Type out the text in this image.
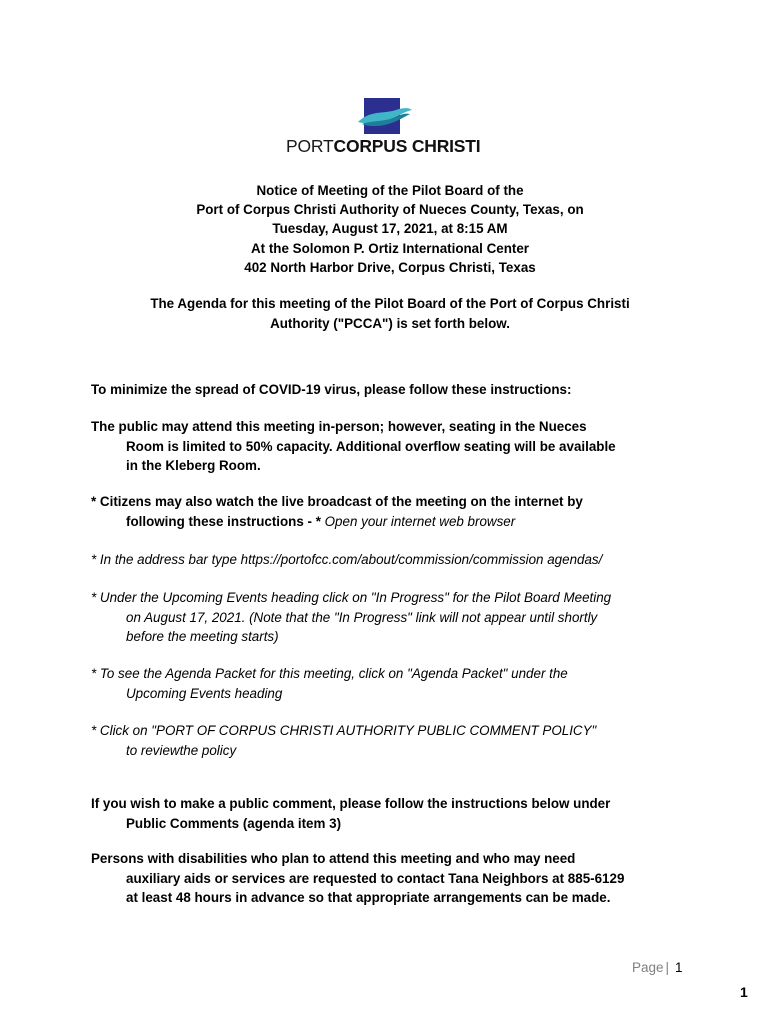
PORTCORPUS CHRISTI
Notice of Meeting of the Pilot Board of the
Port of Corpus Christi Authority of Nueces County, Texas, on
Tuesday, August 17, 2021, at 8:15 AM
At the Solomon P. Ortiz International Center
402 North Harbor Drive, Corpus Christi, Texas
The Agenda for this meeting of the Pilot Board of the Port of Corpus Christi
Authority ("PCCA") is set forth below.
To minimize the spread of COVID-19 virus, please follow these instructions:
The public may attend this meeting in-person; however, seating in the Nueces
Room is limited to 50% capacity. Additional overflow seating will be available
in the Kleberg Room.
* Citizens may also watch the live broadcast of the meeting on the internet by
following these instructions - * Open your internet web browser
* In the address bar type https://portofcc.com/about/commission/commission agendas/
* Under the Upcoming Events heading click on "In Progress" for the Pilot Board Meeting
on August 17, 2021. (Note that the "In Progress" link will not appear until shortly
before the meeting starts)
* To see the Agenda Packet for this meeting, click on "Agenda Packet" under the
Upcoming Events heading
* Click on "PORT OF CORPUS CHRISTI AUTHORITY PUBLIC COMMENT POLICY"
to reviewthe policy
If you wish to make a public comment, please follow the instructions below under
Public Comments (agenda item 3)
Persons with disabilities who plan to attend this meeting and who may need
auxiliary aids or services are requested to contact Tana Neighbors at 885-6129
at least 48 hours in advance so that appropriate arrangements can be made.
Page | 1
1
